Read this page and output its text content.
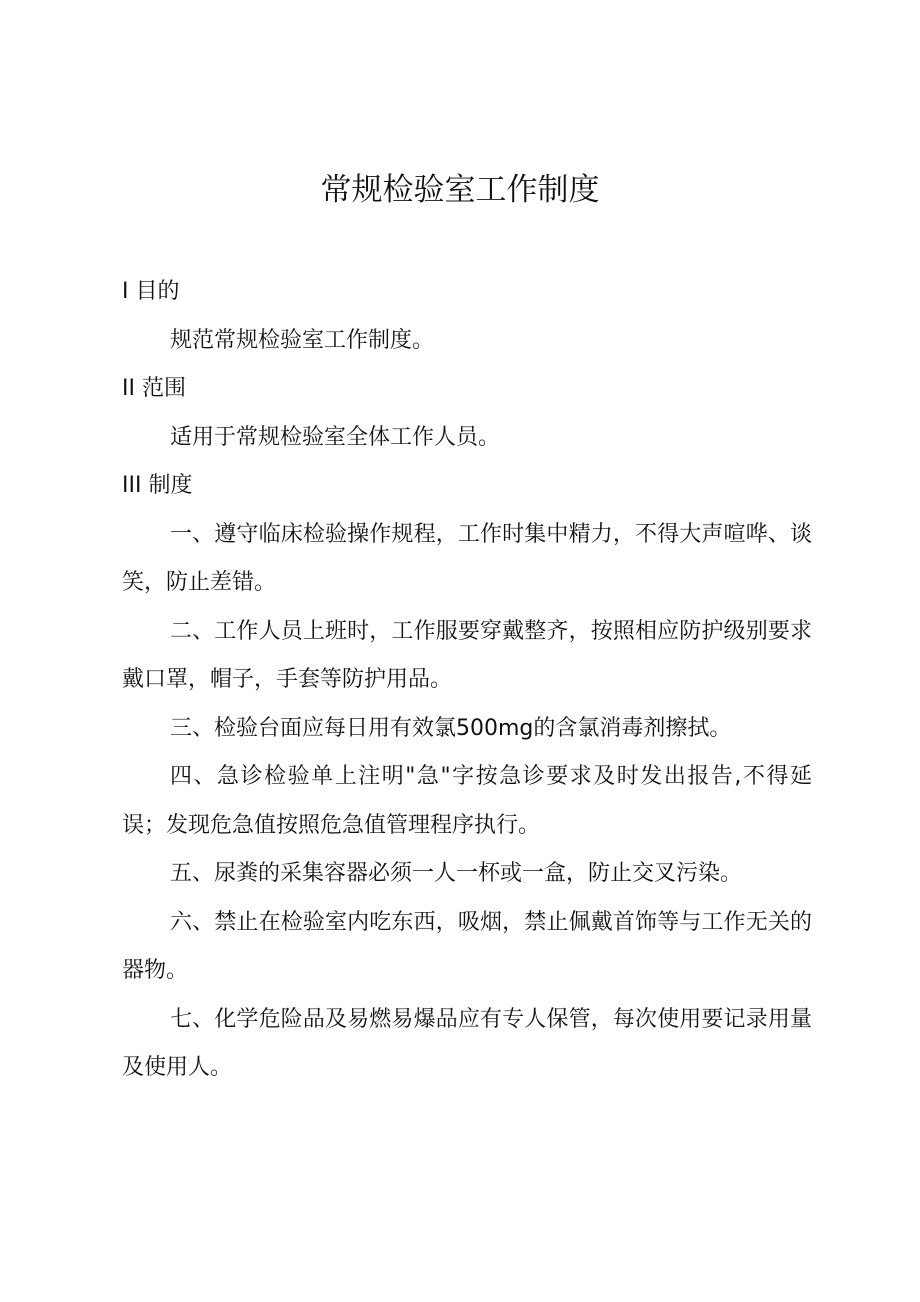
常规检验室工作制度

I 目的

规范常规检验室工作制度。

II 范围

适用于常规检验室全体工作人员。

III 制度

一、遵守临床检验操作规程，工作时集中精力，不得大声喧哗、谈笑，防止差错。

二、工作人员上班时，工作服要穿戴整齐，按照相应防护级别要求戴口罩，帽子，手套等防护用品。

三、检验台面应每日用有效氯500mg的含氯消毒剂擦拭。

四、急诊检验单上注明"急"字按急诊要求及时发出报告,不得延误；发现危急值按照危急值管理程序执行。

五、尿粪的采集容器必须一人一杯或一盒，防止交叉污染。

六、禁止在检验室内吃东西，吸烟，禁止佩戴首饰等与工作无关的器物。

七、化学危险品及易燃易爆品应有专人保管，每次使用要记录用量及使用人。
